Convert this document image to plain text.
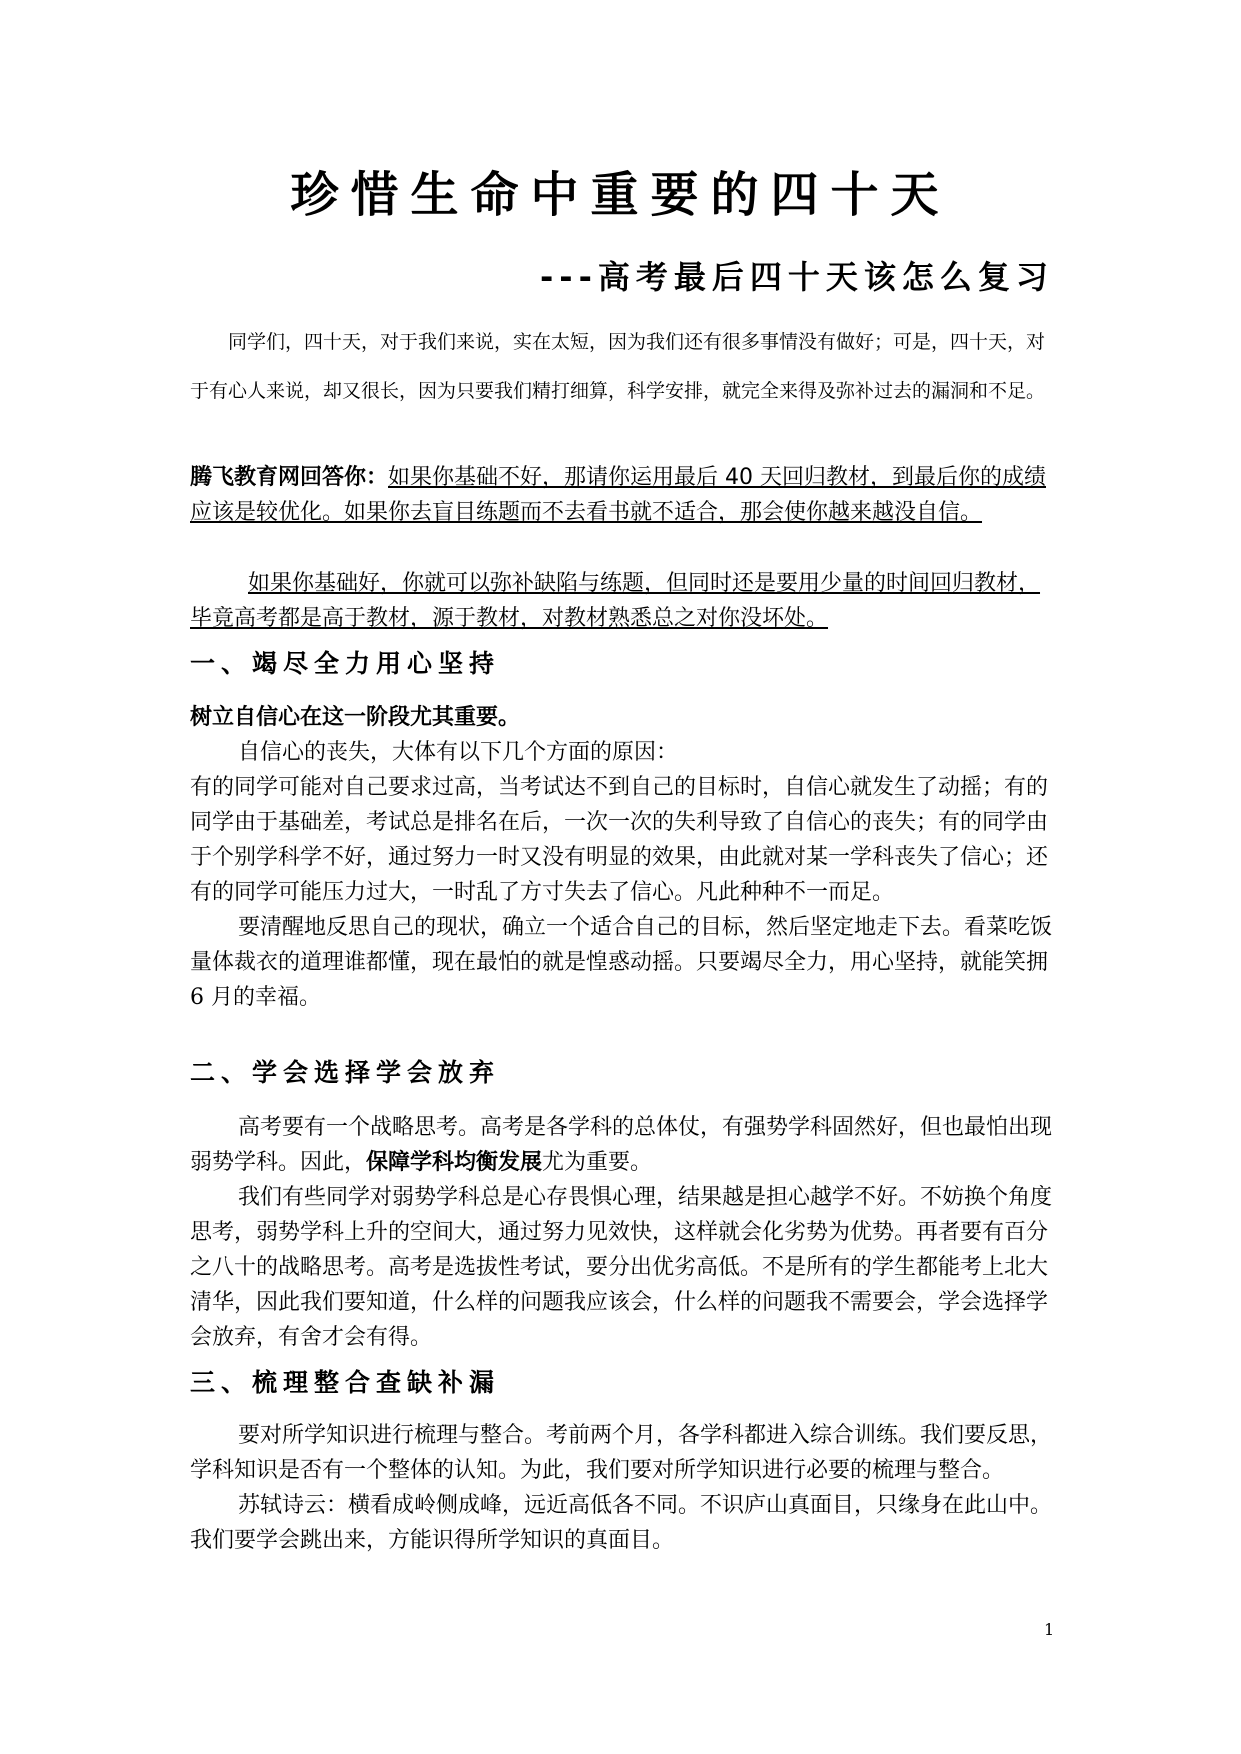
珍惜生命中重要的四十天
---高考最后四十天该怎么复习

同学们，四十天，对于我们来说，实在太短，因为我们还有很多事情没有做好；可是，四十天，对于有心人来说，却又很长，因为只要我们精打细算，科学安排，就完全来得及弥补过去的漏洞和不足。

腾飞教育网回答你：如果你基础不好，那请你运用最后 40 天回归教材，到最后你的成绩应该是较优化。如果你去盲目练题而不去看书就不适合，那会使你越来越没自信。

如果你基础好，你就可以弥补缺陷与练题，但同时还是要用少量的时间回归教材，毕竟高考都是高于教材，源于教材，对教材熟悉总之对你没坏处。

一、竭尽全力用心坚持

树立自信心在这一阶段尤其重要。

自信心的丧失，大体有以下几个方面的原因：

有的同学可能对自己要求过高，当考试达不到自己的目标时，自信心就发生了动摇；有的同学由于基础差，考试总是排名在后，一次一次的失利导致了自信心的丧失；有的同学由于个别学科学不好，通过努力一时又没有明显的效果，由此就对某一学科丧失了信心；还有的同学可能压力过大，一时乱了方寸失去了信心。凡此种种不一而足。

要清醒地反思自己的现状，确立一个适合自己的目标，然后坚定地走下去。看菜吃饭量体裁衣的道理谁都懂，现在最怕的就是惶惑动摇。只要竭尽全力，用心坚持，就能笑拥 6 月的幸福。

二、学会选择学会放弃

高考要有一个战略思考。高考是各学科的总体仗，有强势学科固然好，但也最怕出现弱势学科。因此，保障学科均衡发展尤为重要。

我们有些同学对弱势学科总是心存畏惧心理，结果越是担心越学不好。不妨换个角度思考，弱势学科上升的空间大，通过努力见效快，这样就会化劣势为优势。再者要有百分之八十的战略思考。高考是选拔性考试，要分出优劣高低。不是所有的学生都能考上北大清华，因此我们要知道，什么样的问题我应该会，什么样的问题我不需要会，学会选择学会放弃，有舍才会有得。

三、梳理整合查缺补漏

要对所学知识进行梳理与整合。考前两个月，各学科都进入综合训练。我们要反思，学科知识是否有一个整体的认知。为此，我们要对所学知识进行必要的梳理与整合。

苏轼诗云：横看成岭侧成峰，远近高低各不同。不识庐山真面目，只缘身在此山中。我们要学会跳出来，方能识得所学知识的真面目。

1
